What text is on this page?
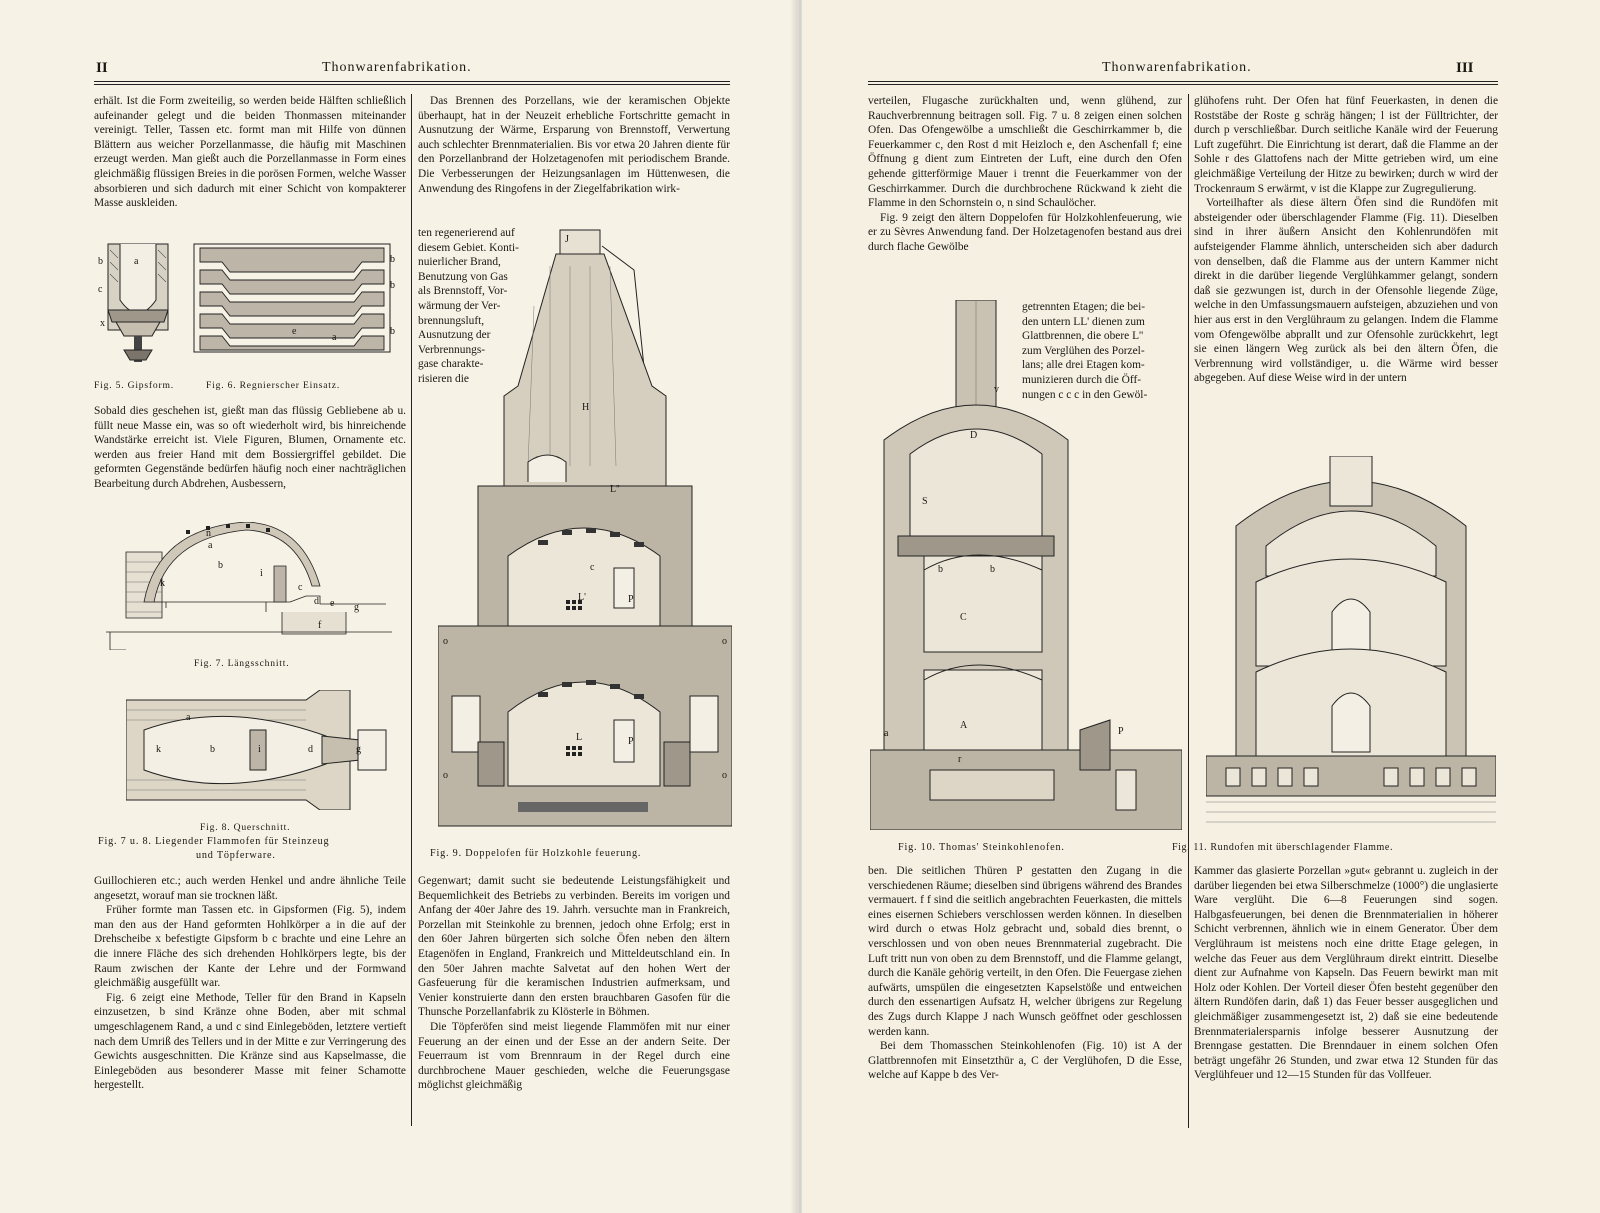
II	Thonwarenfabrikation.

erhält. Ist die Form zweiteilig, so werden beide Hälften schließlich aufeinander gelegt und die beiden Thonmassen miteinander vereinigt. Teller, Tassen etc. formt man mit Hilfe von dünnen Blättern aus weicher Porzellanmasse, die häufig mit Maschinen erzeugt werden. Man gießt auch die Porzellanmasse in Form eines gleichmäßig flüssigen Breies in die porösen Formen, welche Wasser absorbieren und sich dadurch mit einer Schicht von kompakterer Masse auskleiden.

Fig. 5. Gipsform.
b	a
c
x
b
b
b
e
a
Fig. 6. Regnierscher Einsatz.

Sobald dies geschehen ist, gießt man das flüssig Gebliebene ab u. füllt neue Masse ein, was so oft wiederholt wird, bis hinreichende Wandstärke erreicht ist. Viele Figuren, Blumen, Ornamente etc. werden aus freier Hand mit dem Bossiergriffel gebildet. Die geformten Gegenstände bedürfen häufig noch einer nachträglichen Bearbeitung durch Abdrehen, Ausbessern,

a
n
b
k
i
c
d e g
f
Fig. 7. Längsschnitt.
a
k	b	i	d	g
Fig. 8. Querschnitt.
Fig. 7 u. 8. Liegender Flammofen für Steinzeug
und Töpferware.

Guillochieren etc.; auch werden Henkel und andre ähnliche Teile angesetzt, worauf man sie trocknen läßt.

Früher formte man Tassen etc. in Gipsformen (Fig. 5), indem man den aus der Hand geformten Hohlkörper a in die auf der Drehscheibe x befestigte Gipsform b c brachte und eine Lehre an die innere Fläche des sich drehenden Hohlkörpers legte, bis der Raum zwischen der Kante der Lehre und der Formwand gleichmäßig ausgefüllt war.

Fig. 6 zeigt eine Methode, Teller für den Brand in Kapseln einzusetzen, b sind Kränze ohne Boden, aber mit schmal umgeschlagenem Rand, a und c sind Einlegeböden, letztere vertieft nach dem Umriß des Tellers und in der Mitte e zur Verringerung des Gewichts ausgeschnitten. Die Kränze sind aus Kapselmasse, die Einlegeböden aus besonderer Masse mit feiner Schamotte hergestellt.

Das Brennen des Porzellans, wie der keramischen Objekte überhaupt, hat in der Neuzeit erhebliche Fortschritte gemacht in Ausnutzung der Wärme, Ersparung von Brennstoff, Verwertung auch schlechter Brennmaterialien. Bis vor etwa 20 Jahren diente für den Porzellanbrand der Holzetagenofen mit periodischem Brande. Die Verbesserungen der Heizungsanlagen im Hüttenwesen, die Anwendung des Ringofens in der Ziegelfabrikation wirk-

ten regenerierend auf
diesem Gebiet. Konti-
nuierlicher Brand,
Benutzung von Gas
als Brennstoff, Vor-
wärmung der Ver-
brennungsluft,
Ausnutzung der
Verbrennungs-
gase charakte-
risieren die
J
H
L''
L'	P
L	P
o	o
o	o
c
Fig. 9. Doppelofen für Holzkohle feuerung.

Gegenwart; damit sucht sie bedeutende Leistungsfähigkeit und Bequemlichkeit des Betriebs zu verbinden. Bereits im vorigen und Anfang der 40er Jahre des 19. Jahrh. versuchte man in Frankreich, Porzellan mit Steinkohle zu brennen, jedoch ohne Erfolg; erst in den 60er Jahren bürgerten sich solche Öfen neben den ältern Etagenöfen in England, Frankreich und Mitteldeutschland ein. In den 50er Jahren machte Salvetat auf den hohen Wert der Gasfeuerung für die keramischen Industrien aufmerksam, und Venier konstruierte dann den ersten brauchbaren Gasofen für die Thunsche Porzellanfabrik zu Klösterle in Böhmen.

Die Töpferöfen sind meist liegende Flammöfen mit nur einer Feuerung an der einen und der Esse an der andern Seite. Der Feuerraum ist vom Brennraum in der Regel durch eine durchbrochene Mauer geschieden, welche die Feuerungsgase möglichst gleichmäßig

Thonwarenfabrikation.	III

verteilen, Flugasche zurückhalten und, wenn glühend, zur Rauchverbrennung beitragen soll. Fig. 7 u. 8 zeigen einen solchen Ofen. Das Ofengewölbe a umschließt die Geschirrkammer b, die Feuerkammer c, den Rost d mit Heizloch e, den Aschenfall f; eine Öffnung g dient zum Eintreten der Luft, eine durch den Ofen gehende gitterförmige Mauer i trennt die Feuerkammer von der Geschirrkammer. Durch die durchbrochene Rückwand k zieht die Flamme in den Schornstein o, n sind Schaulöcher.

Fig. 9 zeigt den ältern Doppelofen für Holzkohlenfeuerung, wie er zu Sèvres Anwendung fand. Der Holzetagenofen bestand aus drei durch flache Gewölbe

getrennten Etagen; die bei-
den untern LL' dienen zum
Glattbrennen, die obere L''
zum Verglühen des Porzel-
lans; alle drei Etagen kom-
munizieren durch die Öff-
nungen c c c in den Gewöl-
D
S
C
A
b	b
P
v
r
a
Fig. 10. Thomas' Steinkohlenofen.

ben. Die seitlichen Thüren P gestatten den Zugang in die verschiedenen Räume; dieselben sind übrigens während des Brandes vermauert. f f sind die seitlich angebrachten Feuerkasten, die mittels eines eisernen Schiebers verschlossen werden können. In dieselben wird durch o etwas Holz gebracht und, sobald dies brennt, o verschlossen und von oben neues Brennmaterial zugebracht. Die Luft tritt nun von oben zu dem Brennstoff, und die Flamme gelangt, durch die Kanäle gehörig verteilt, in den Ofen. Die Feuergase ziehen aufwärts, umspülen die eingesetzten Kapselstöße und entweichen durch den essenartigen Aufsatz H, welcher übrigens zur Regelung des Zugs durch Klappe J nach Wunsch geöffnet oder geschlossen werden kann.

Bei dem Thomasschen Steinkohlenofen (Fig. 10) ist A der Glattbrennofen mit Einsetzthür a, C der Verglühofen, D die Esse, welche auf Kappe b des Ver-

glühofens ruht. Der Ofen hat fünf Feuerkasten, in denen die Roststäbe der Roste g schräg hängen; l ist der Fülltrichter, der durch p verschließbar. Durch seitliche Kanäle wird der Feuerung Luft zugeführt. Die Einrichtung ist derart, daß die Flamme an der Sohle r des Glattofens nach der Mitte getrieben wird, um eine gleichmäßige Verteilung der Hitze zu bewirken; durch w wird der Trockenraum S erwärmt, v ist die Klappe zur Zugregulierung.

Vorteilhafter als diese ältern Öfen sind die Rundöfen mit absteigender oder überschlagender Flamme (Fig. 11). Dieselben sind in ihrer äußern Ansicht den Kohlenrundöfen mit aufsteigender Flamme ähnlich, unterscheiden sich aber dadurch von denselben, daß die Flamme aus der untern Kammer nicht direkt in die darüber liegende Verglühkammer gelangt, sondern daß sie gezwungen ist, durch in der Ofensohle liegende Züge, welche in den Umfassungsmauern aufsteigen, abzuziehen und von hier aus erst in den Verglühraum zu gelangen. Indem die Flamme vom Ofengewölbe abprallt und zur Ofensohle zurückkehrt, legt sie einen längern Weg zurück als bei den ältern Öfen, die Verbrennung wird vollständiger, u. die Wärme wird besser abgegeben. Auf diese Weise wird in der untern

Fig. 11. Rundofen mit überschlagender Flamme.

Kammer das glasierte Porzellan »gut« gebrannt u. zugleich in der darüber liegenden bei etwa Silberschmelze (1000°) die unglasierte Ware verglüht. Die 6—8 Feuerungen sind sogen. Halbgasfeuerungen, bei denen die Brennmaterialien in höherer Schicht verbrennen, ähnlich wie in einem Generator. Über dem Verglühraum ist meistens noch eine dritte Etage gelegen, in welche das Feuer aus dem Verglühraum direkt eintritt. Dieselbe dient zur Aufnahme von Kapseln. Das Feuern bewirkt man mit Holz oder Kohlen. Der Vorteil dieser Öfen besteht gegenüber den ältern Rundöfen darin, daß 1) das Feuer besser ausgeglichen und gleichmäßiger zusammengesetzt ist, 2) daß sie eine bedeutende Brennmaterialersparnis infolge besserer Ausnutzung der Brenngase gestatten. Die Brenndauer in einem solchen Ofen beträgt ungefähr 26 Stunden, und zwar etwa 12 Stunden für das Verglühfeuer und 12—15 Stunden für das Vollfeuer.
